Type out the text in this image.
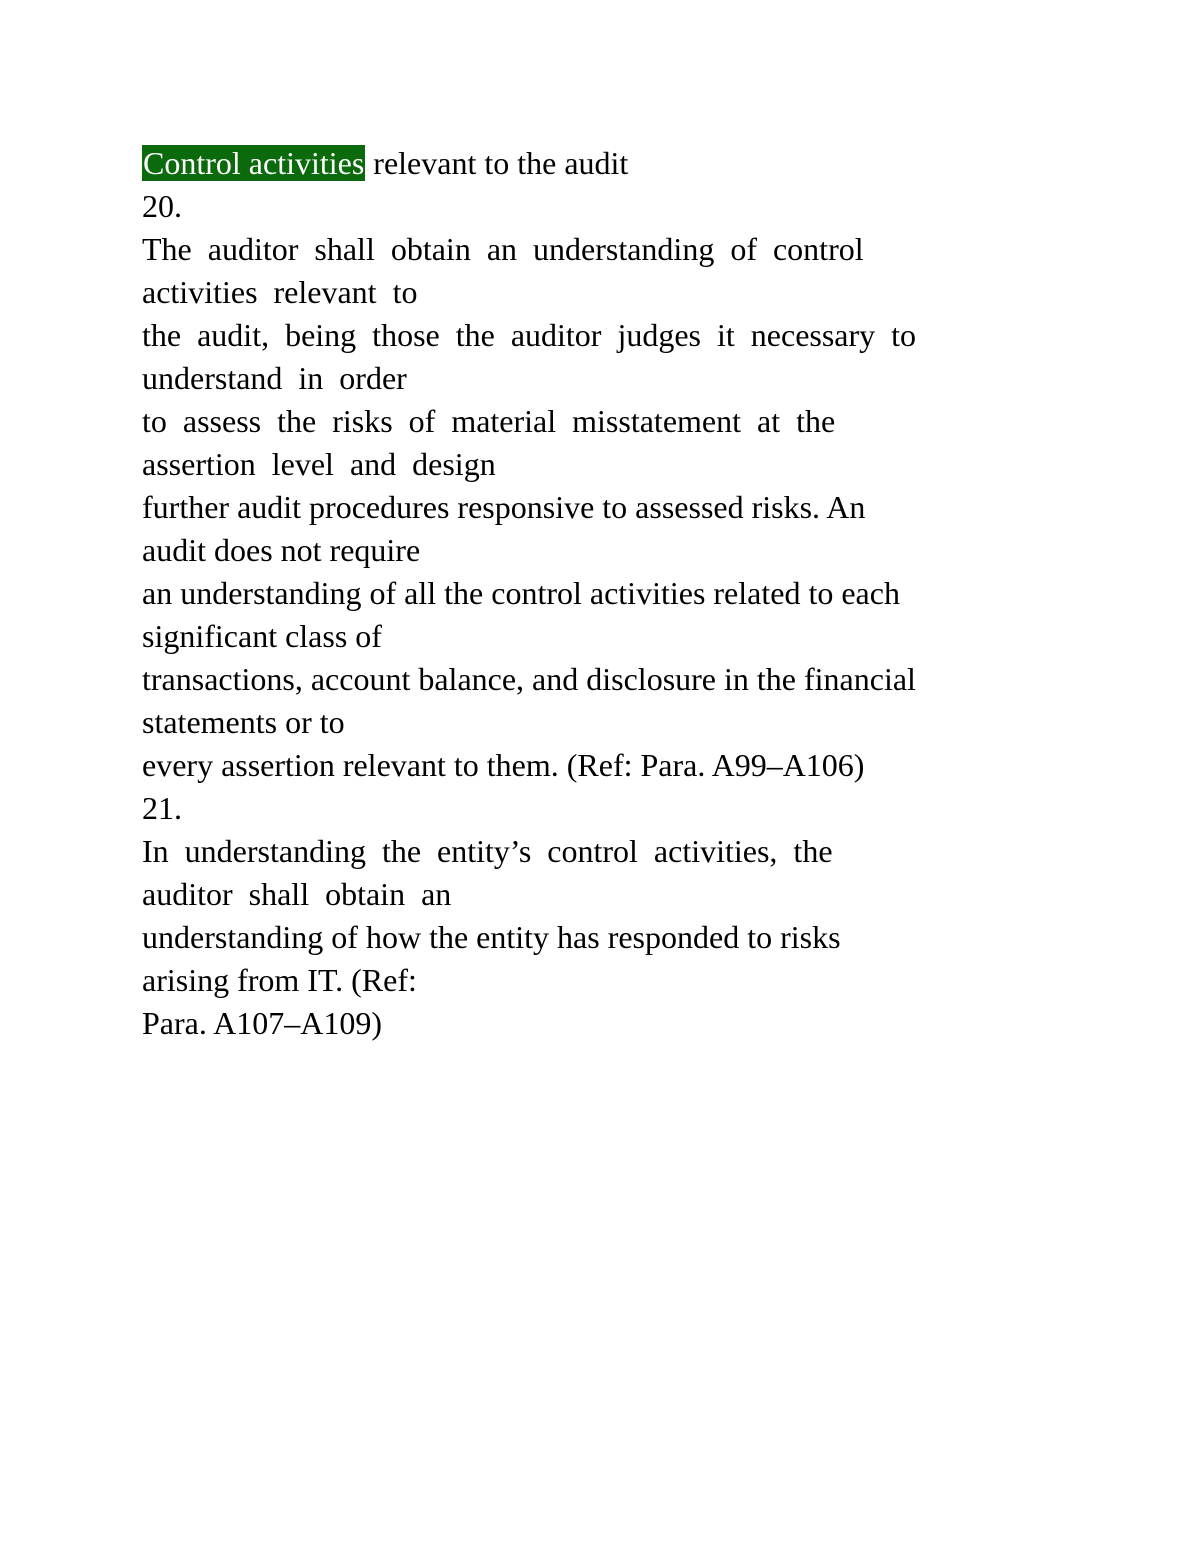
Control activities relevant to the audit
20.
The auditor shall obtain an understanding of control
activities relevant to
the audit, being those the auditor judges it necessary to
understand in order
to assess the risks of material misstatement at the
assertion level and design
further audit procedures responsive to assessed risks. An
audit does not require
an understanding of all the control activities related to each
significant class of
transactions, account balance, and disclosure in the financial
statements or to
every assertion relevant to them. (Ref: Para. A99–A106)
21.
In understanding the entity’s control activities, the
auditor shall obtain an
understanding of how the entity has responded to risks
arising from IT. (Ref:
Para. A107–A109)
